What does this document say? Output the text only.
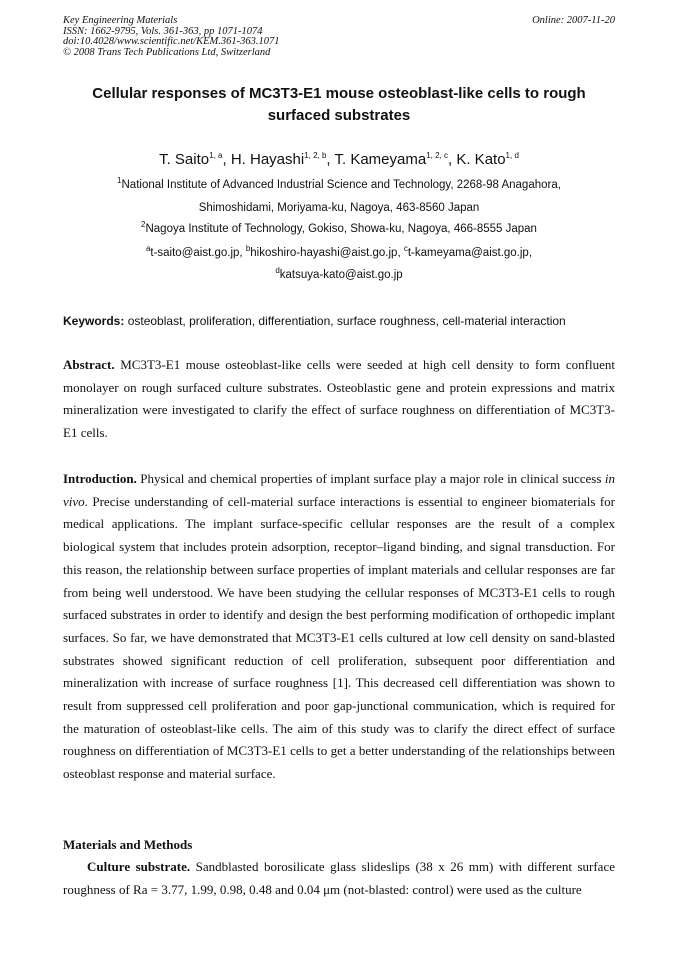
Key Engineering Materials
ISSN: 1662-9795, Vols. 361-363, pp 1071-1074
doi:10.4028/www.scientific.net/KEM.361-363.1071
© 2008 Trans Tech Publications Ltd, Switzerland
Online: 2007-11-20
Cellular responses of MC3T3-E1 mouse osteoblast-like cells to rough surfaced substrates
T. Saito$^{1, a}$, H. Hayashi$^{1, 2, b}$, T. Kameyama$^{1, 2, c}$, K. Kato$^{1, d}$
$^1$National Institute of Advanced Industrial Science and Technology, 2268-98 Anagahora,
Shimoshidami, Moriyama-ku, Nagoya, 463-8560 Japan
$^2$Nagoya Institute of Technology, Gokiso, Showa-ku, Nagoya, 466-8555 Japan
$^a$t-saito@aist.go.jp, $^b$hikoshiro-hayashi@aist.go.jp, $^c$t-kameyama@aist.go.jp,
$^d$katsuya-kato@aist.go.jp
Keywords: osteoblast, proliferation, differentiation, surface roughness, cell-material interaction
Abstract. MC3T3-E1 mouse osteoblast-like cells were seeded at high cell density to form confluent monolayer on rough surfaced culture substrates. Osteoblastic gene and protein expressions and matrix mineralization were investigated to clarify the effect of surface roughness on differentiation of MC3T3-E1 cells.
Introduction. Physical and chemical properties of implant surface play a major role in clinical success in vivo. Precise understanding of cell-material surface interactions is essential to engineer biomaterials for medical applications. The implant surface-specific cellular responses are the result of a complex biological system that includes protein adsorption, receptor–ligand binding, and signal transduction. For this reason, the relationship between surface properties of implant materials and cellular responses are far from being well understood. We have been studying the cellular responses of MC3T3-E1 cells to rough surfaced substrates in order to identify and design the best performing modification of orthopedic implant surfaces. So far, we have demonstrated that MC3T3-E1 cells cultured at low cell density on sand-blasted substrates showed significant reduction of cell proliferation, subsequent poor differentiation and mineralization with increase of surface roughness [1]. This decreased cell differentiation was shown to result from suppressed cell proliferation and poor gap-junctional communication, which is required for the maturation of osteoblast-like cells. The aim of this study was to clarify the direct effect of surface roughness on differentiation of MC3T3-E1 cells to get a better understanding of the relationships between osteoblast response and material surface.
Materials and Methods
Culture substrate. Sandblasted borosilicate glass slideslips (38 x 26 mm) with different surface roughness of Ra = 3.77, 1.99, 0.98, 0.48 and 0.04 μm (not-blasted: control) were used as the culture
